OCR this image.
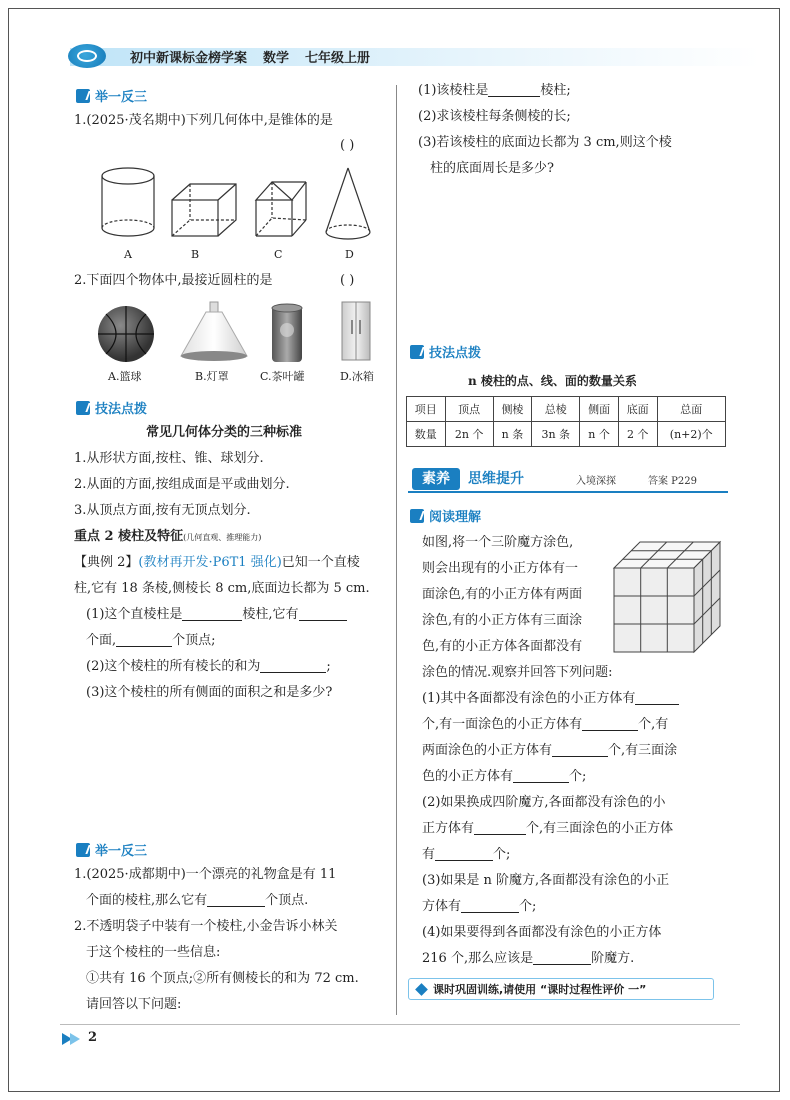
初中新课标金榜学案 数学 七年级上册
举一反三
1.(2025·茂名期中)下列几何体中,是锥体的是
( )
A	B	C	D
2.下面四个物体中,最接近圆柱的是	( )
A.篮球	B.灯罩	C.茶叶罐	D.冰箱
技法点拨
常见几何体分类的三种标准
1.从形状方面,按柱、锥、球划分.
2.从面的方面,按组成面是平或曲划分.
3.从顶点方面,按有无顶点划分.
重点 2 棱柱及特征(几何直观、推理能力)
【典例 2】(教材再开发·P6T1 强化)已知一个直棱
柱,它有 18 条棱,侧棱长 8 cm,底面边长都为 5 cm.
(1)这个直棱柱是	棱柱,它有
个面,	个顶点;
(2)这个棱柱的所有棱长的和为	;
(3)这个棱柱的所有侧面的面积之和是多少?
举一反三
1.(2025·成都期中)一个漂亮的礼物盒是有 11
个面的棱柱,那么它有	个顶点.
2.不透明袋子中装有一个棱柱,小金告诉小林关
于这个棱柱的一些信息:
①共有 16 个顶点;②所有侧棱长的和为 72 cm.
请回答以下问题:
(1)该棱柱是	棱柱;
(2)求该棱柱每条侧棱的长;
(3)若该棱柱的底面边长都为 3 cm,则这个棱
柱的底面周长是多少?
技法点拨
n 棱柱的点、线、面的数量关系
项目	顶点	侧棱	总棱	侧面	底面	总面
数量	2n 个	n 条	3n 条	n 个	2 个	(n+2)个
素养	思维提升	入境深探	答案 P229
阅读理解
如图,将一个三阶魔方涂色,
则会出现有的小正方体有一
面涂色,有的小正方体有两面
涂色,有的小正方体有三面涂
色,有的小正方体各面都没有
涂色的情况.观察并回答下列问题:
(1)其中各面都没有涂色的小正方体有
个,有一面涂色的小正方体有	个,有
两面涂色的小正方体有	个,有三面涂
色的小正方体有	个;
(2)如果换成四阶魔方,各面都没有涂色的小
正方体有	个,有三面涂色的小正方体
有	个;
(3)如果是 n 阶魔方,各面都没有涂色的小正
方体有	个;
(4)如果要得到各面都没有涂色的小正方体
216 个,那么应该是	阶魔方.
课时巩固训练,请使用 “课时过程性评价 一”
2
